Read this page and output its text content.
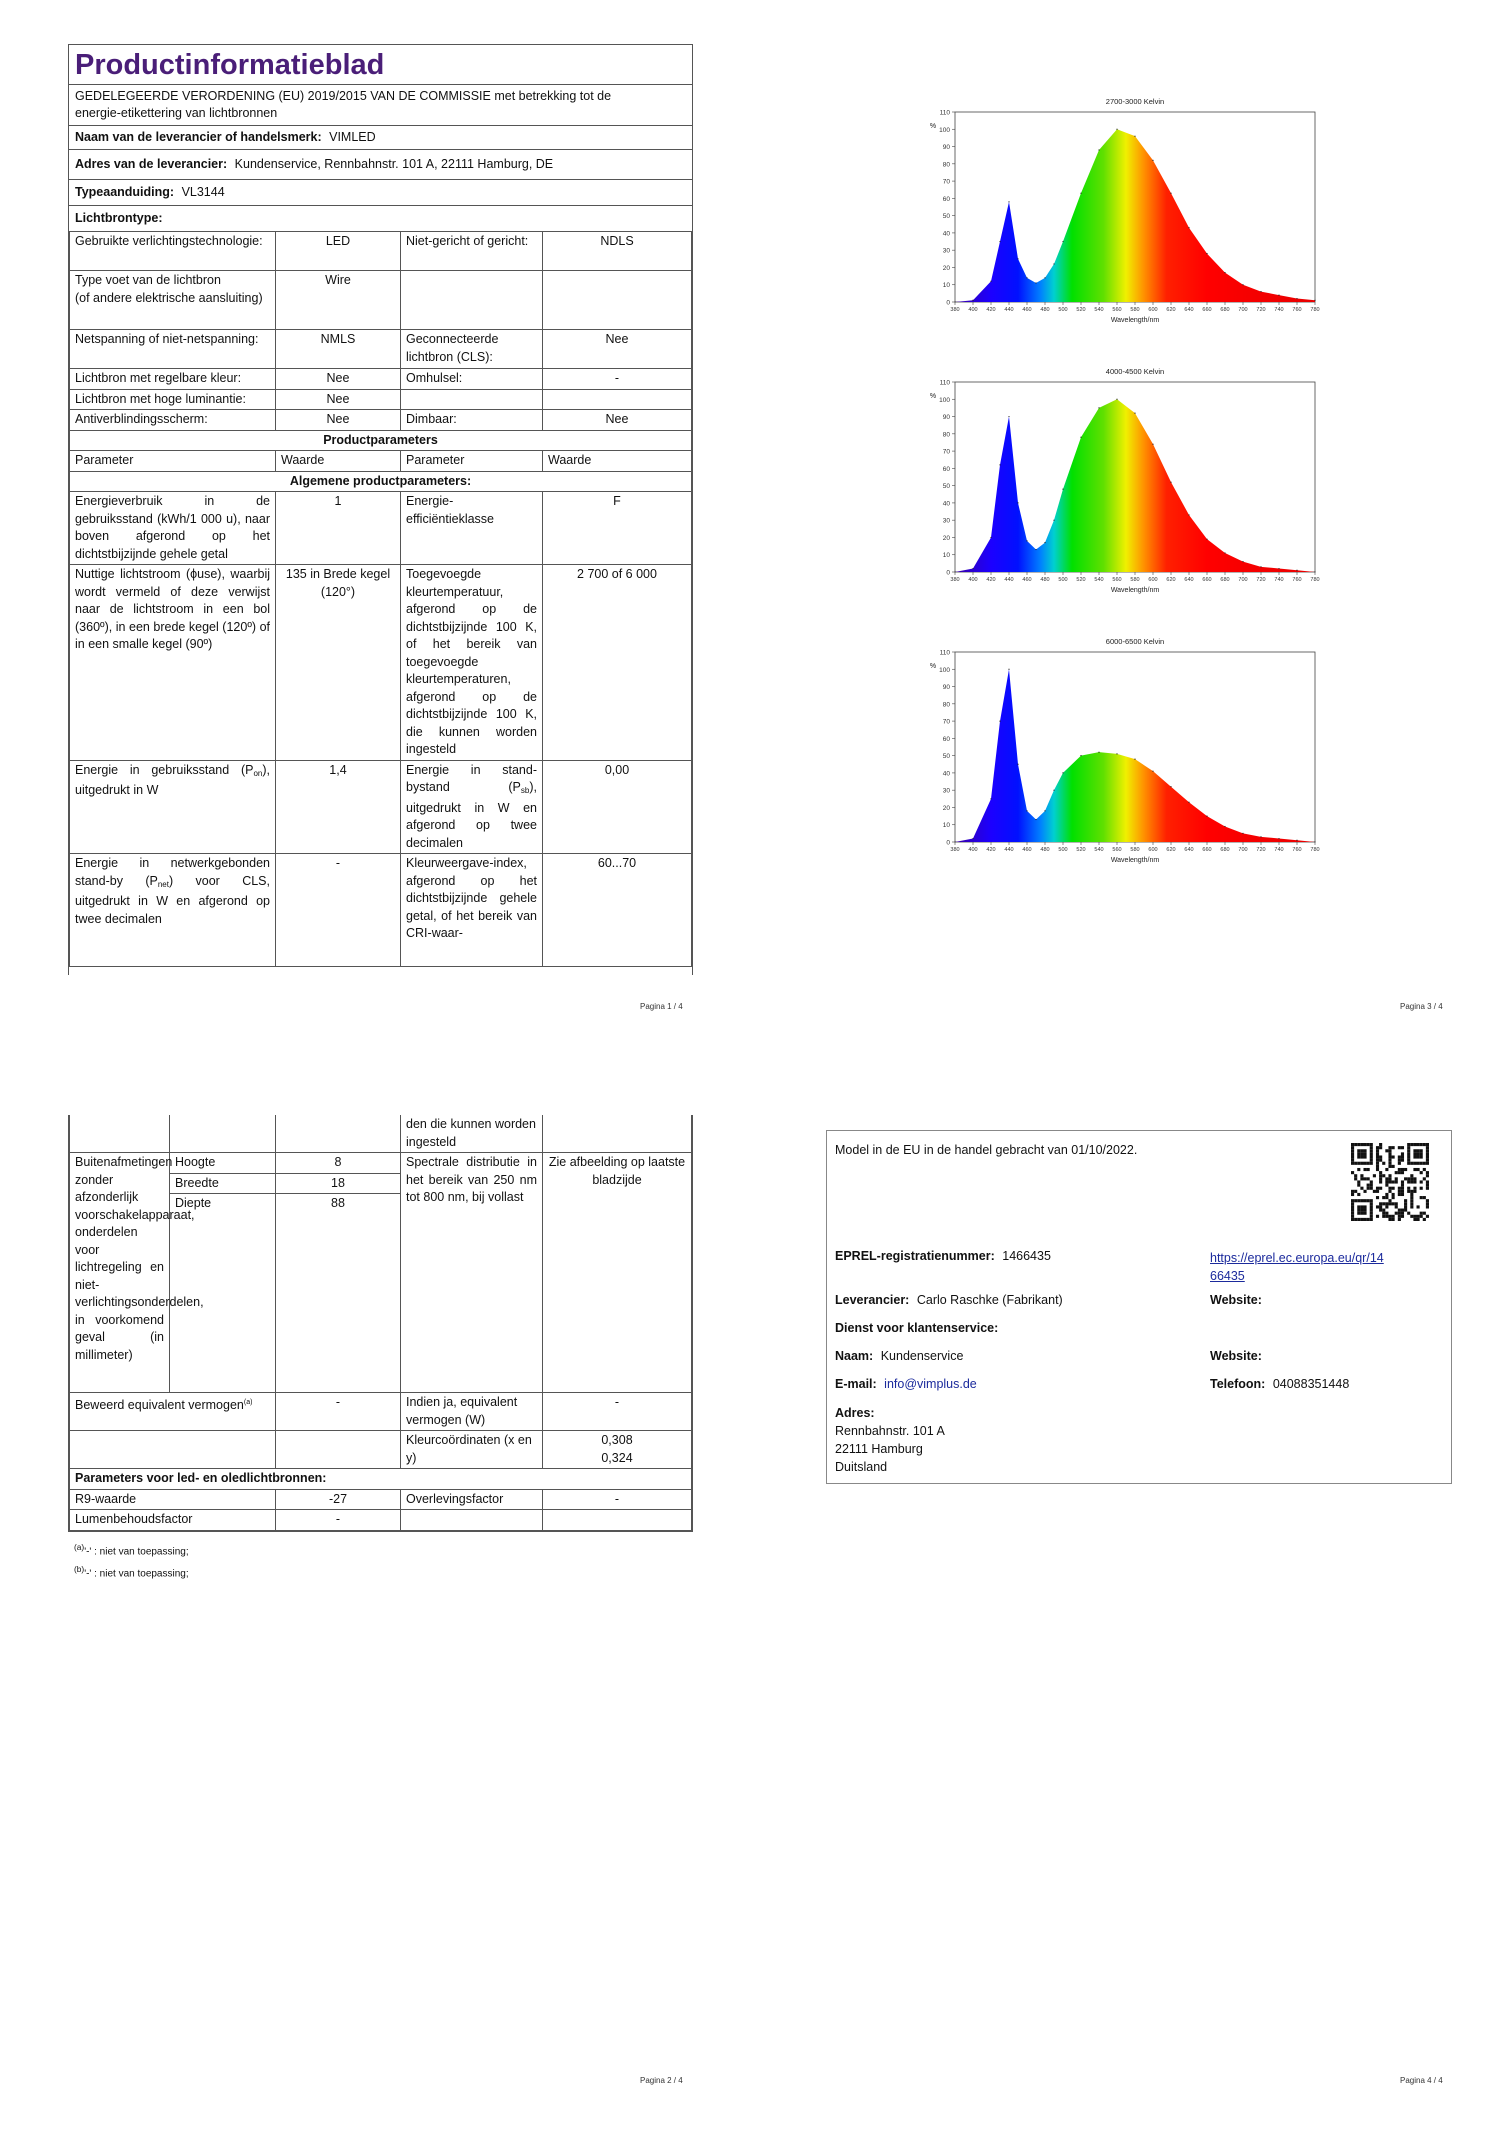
Productinformatieblad
GEDELEGEERDE VERORDENING (EU) 2019/2015 VAN DE COMMISSIE met betrekking tot de energie-etikettering van lichtbronnen
Naam van de leverancier of handelsmerk: VIMLED
Adres van de leverancier: Kundenservice, Rennbahnstr. 101 A, 22111 Hamburg, DE
Typeaanduiding: VL3144
Lichtbrontype:
Gebruikte verlichtingstechnologie:	LED	Niet-gericht of gericht:	NDLS
Type voet van de lichtbron
(of andere elektrische aansluiting)	Wire		
Netspanning of niet-netspanning:	NMLS	Geconnecteerde lichtbron (CLS):	Nee
Lichtbron met regelbare kleur:	Nee	Omhulsel:	-
Lichtbron met hoge luminantie:	Nee		
Antiverblindingsscherm:	Nee	Dimbaar:	Nee
Productparameters			
Parameter	Waarde	Parameter	Waarde
Algemene productparameters:			
Energieverbruik in de gebruiksstand (kWh/1 000 u), naar boven afgerond op het dichtstbijzijnde gehele getal	1	Energie-efficiëntieklasse	F
Nuttige lichtstroom (ϕuse), waarbij wordt vermeld of deze verwijst naar de lichtstroom in een bol (360º), in een brede kegel (120º) of in een smalle kegel (90º)	135 in Brede kegel (120°)	Toegevoegde kleurtemperatuur, afgerond op de dichtstbijzijnde 100 K, of het bereik van toegevoegde kleurtemperaturen, afgerond op de dichtstbijzijnde 100 K, die kunnen worden ingesteld	2 700 of 6 000
Energie in gebruiksstand $(P_{on})$, uitgedrukt in W	1,4	Energie in stand-bystand $(P_{sb})$, uitgedrukt in W en afgerond op twee decimalen	0,00
Energie in netwerkgebonden stand-by $(P_{net})$ voor CLS, uitgedrukt in W en afgerond op twee decimalen	-	Kleurweergave-index, afgerond op het dichtstbijzijnde gehele getal, of het bereik van CRI-waar-	60...70
Pagina 1 / 4
0
10
20
30
40
50
60
70
80
90
100
110
380 400 420 440 460 480 500 520 540 560 580 600 620 640 660 680 700 720 740 760 780
2700-3000 Kelvin
Wavelength/nm
%
0
10
20
30
40
50
60
70
80
90
100
110
380 400 420 440 460 480 500 520 540 560 580 600 620 640 660 680 700 720 740 760 780
4000-4500 Kelvin
Wavelength/nm
%
0
10
20
30
40
50
60
70
80
90
100
110
380 400 420 440 460 480 500 520 540 560 580 600 620 640 660 680 700 720 740 760 780
6000-6500 Kelvin
Wavelength/nm
%
Pagina 3 / 4
			den die kunnen worden ingesteld	
Buitenafmetingen zonder afzonderlijk voorschakelapparaat, onderdelen voor lichtregeling en niet-verlichtingsonderdelen, in voorkomend geval (in millimeter)	Hoogte	8	Spectrale distributie in het bereik van 250 nm tot 800 nm, bij vollast	Zie afbeelding op laatste bladzijde
	Breedte	18		
	Diepte	88		
Beweerd equivalent vermogen$^{(a)}$		-	Indien ja, equivalent vermogen (W)	-
			Kleurcoördinaten (x en y)	0,308
0,324

Parameters voor led- en oledlichtbronnen:				
R9-waarde		-27	Overlevingsfactor	-
Lumenbehoudsfactor		-		
$^{(a)}$'-' : niet van toepassing;
$^{(b)}$'-' : niet van toepassing;
Pagina 2 / 4
Model in de EU in de handel gebracht van 01/10/2022.
EPREL-registratienummer: 1466435	https://eprel.ec.europa.eu/qr/14
66435
Leverancier: Carlo Raschke (Fabrikant)	Website:
Dienst voor klantenservice:
Naam: Kundenservice	Website:
E-mail: info@vimplus.de	Telefoon: 04088351448
Adres:
Rennbahnstr. 101 A
22111 Hamburg
Duitsland
Pagina 4 / 4
